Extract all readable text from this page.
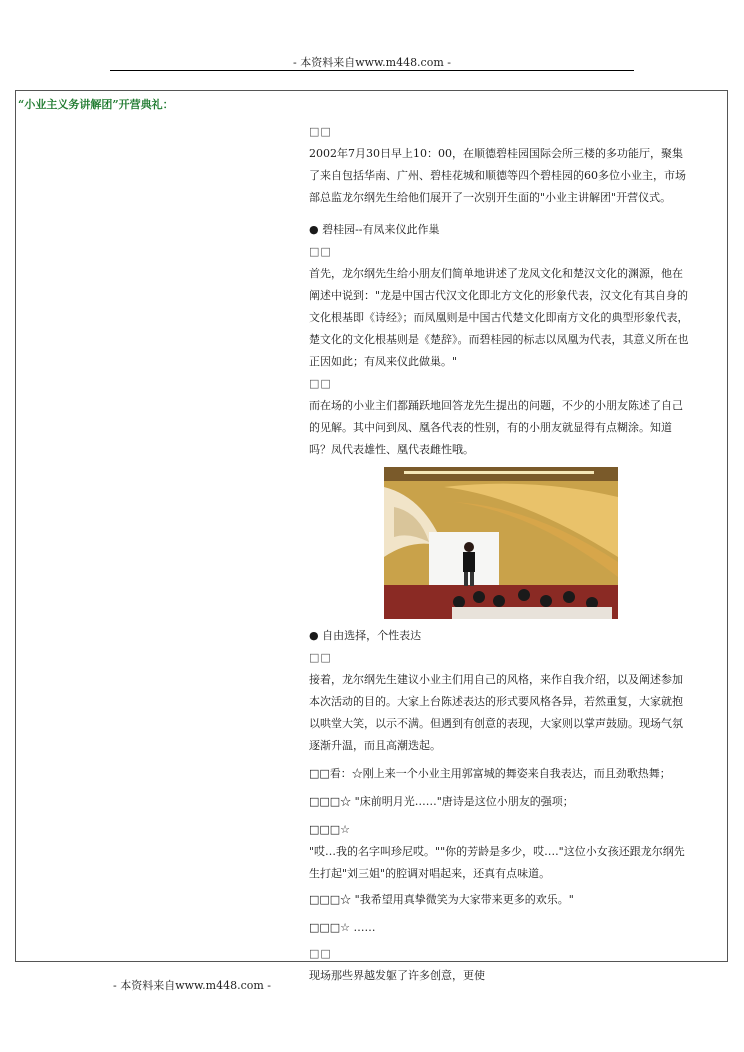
- 本资料来自www.m448.com -
“小业主义务讲解团”开营典礼：

□□

2002年7月30日早上10：00，在顺德碧桂园国际会所三楼的多功能厅，聚集了来自包括华南、广州、碧桂花城和顺德等四个碧桂园的60多位小业主，市场部总监龙尔纲先生给他们展开了一次别开生面的"小业主讲解团"开营仪式。

● 碧桂园--有凤来仪此作巢

□□

首先，龙尔纲先生给小朋友们简单地讲述了龙凤文化和楚汉文化的渊源，他在阐述中说到："龙是中国古代汉文化即北方文化的形象代表，汉文化有其自身的文化根基即《诗经》；而凤凰则是中国古代楚文化即南方文化的典型形象代表，楚文化的文化根基则是《楚辞》。而碧桂园的标志以凤凰为代表，其意义所在也正因如此；有凤来仪此做巢。"

□□

而在场的小业主们都踊跃地回答龙先生提出的问题，不少的小朋友陈述了自己的见解。其中问到凤、凰各代表的性别，有的小朋友就显得有点糊涂。知道吗？凤代表雄性、凰代表雌性哦。

● 自由选择，个性表达

□□

接着，龙尔纲先生建议小业主们用自己的风格，来作自我介绍，以及阐述参加本次活动的目的。大家上台陈述表达的形式要风格各异，若然重复，大家就抱以哄堂大笑，以示不满。但遇到有创意的表现，大家则以掌声鼓励。现场气氛逐渐升温，而且高潮迭起。

□□看：☆刚上来一个小业主用郭富城的舞姿来自我表达，而且劲歌热舞；

□□□☆ "床前明月光……"唐诗是这位小朋友的强项；

□□□☆

"哎…我的名字叫珍尼哎。""你的芳龄是多少，哎…."这位小女孩还跟龙尔纲先生打起"刘三姐"的腔调对唱起来，还真有点味道。

□□□☆ "我希望用真挚微笑为大家带来更多的欢乐。"

□□□☆ ……

□□

现场那些界越发躯了许多创意，更使

- 本资料来自www.m448.com -
